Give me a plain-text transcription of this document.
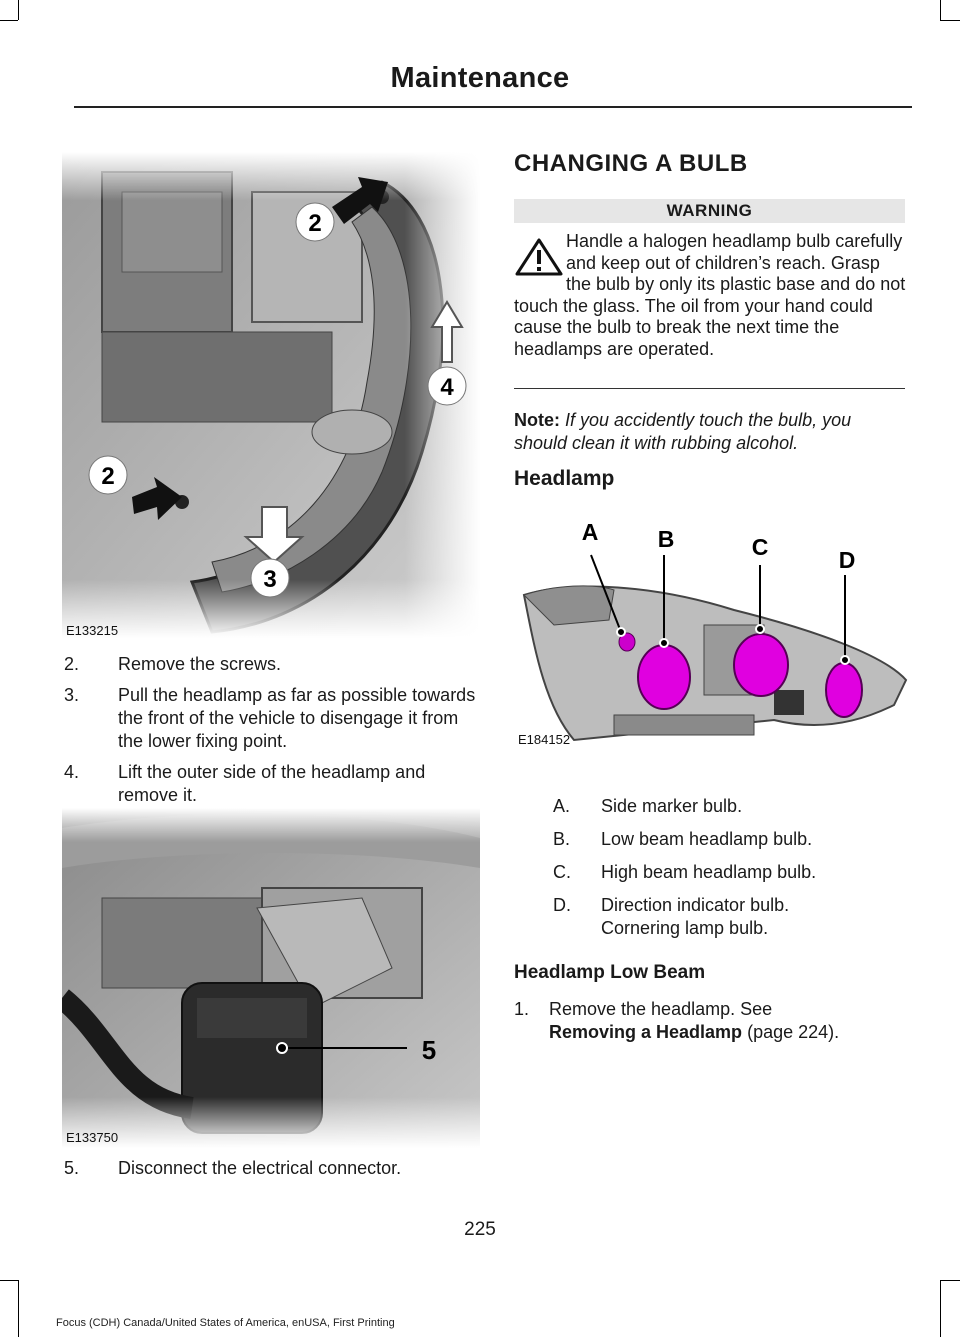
Maintenance
2
4
2
3
E133215
2.	Remove the screws.
3.	Pull the headlamp as far as possible towards the front of the vehicle to disengage it from the lower fixing point.
4.	Lift the outer side of the headlamp and remove it.
5
E133750
5.	Disconnect the electrical connector.
CHANGING A BULB
WARNING
Handle a halogen headlamp bulb carefully and keep out of children’s reach. Grasp the bulb by only its plastic base and do not touch the glass. The oil from your hand could cause the bulb to break the next time the headlamps are operated.
Note: If you accidently touch the bulb, you should clean it with rubbing alcohol.
Headlamp
A	B	C	D
E184152
A.	Side marker bulb.
B.	Low beam headlamp bulb.
C.	High beam headlamp bulb.
D.	Direction indicator bulb.
Cornering lamp bulb.
Headlamp Low Beam
1.	Remove the headlamp. See
Removing a Headlamp (page 224).
225
Focus (CDH) Canada/United States of America, enUSA, First Printing
